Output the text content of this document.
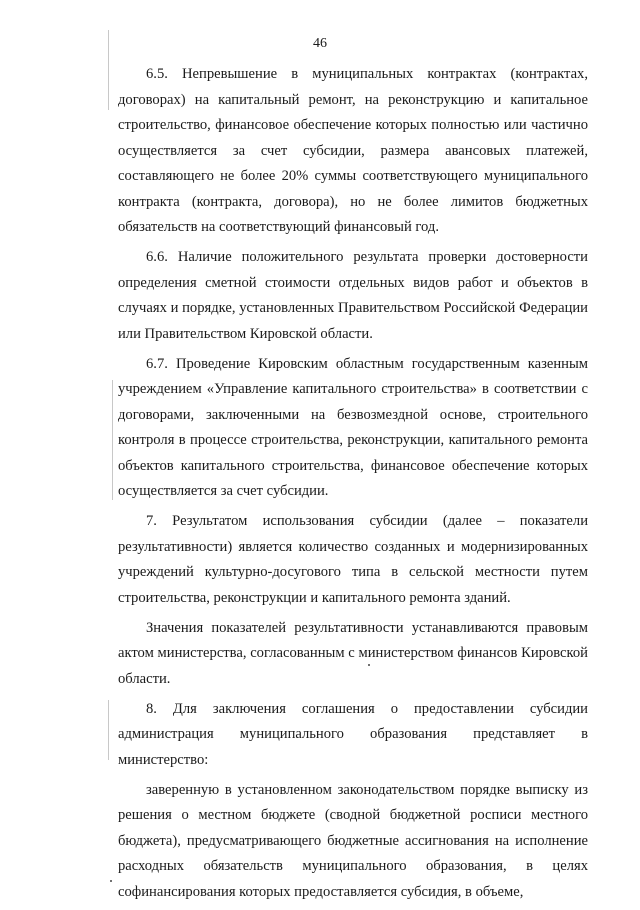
46

6.5. Непревышение в муниципальных контрактах (контрактах, договорах) на капитальный ремонт, на реконструкцию и капитальное строительство, финансовое обеспечение которых полностью или частично осуществляется за счет субсидии, размера авансовых платежей, составляющего не более 20% суммы соответствующего муниципального контракта (контракта, договора), но не более лимитов бюджетных обязательств на соответствующий финансовый год.

6.6. Наличие положительного результата проверки достоверности определения сметной стоимости отдельных видов работ и объектов в случаях и порядке, установленных Правительством Российской Федерации или Правительством Кировской области.

6.7. Проведение Кировским областным государственным казенным учреждением «Управление капитального строительства» в соответствии с договорами, заключенными на безвозмездной основе, строительного контроля в процессе строительства, реконструкции, капитального ремонта объектов капитального строительства, финансовое обеспечение которых осуществляется за счет субсидии.

7. Результатом использования субсидии (далее – показатели результативности) является количество созданных и модернизированных учреждений культурно-досугового типа в сельской местности путем строительства, реконструкции и капитального ремонта зданий.

Значения показателей результативности устанавливаются правовым актом министерства, согласованным с министерством финансов Кировской области.

8. Для заключения соглашения о предоставлении субсидии администрация муниципального образования представляет в министерство:

заверенную в установленном законодательством порядке выписку из решения о местном бюджете (сводной бюджетной росписи местного бюджета), предусматривающего бюджетные ассигнования на исполнение расходных обязательств муниципального образования, в целях софинансирования которых предоставляется субсидия, в объеме,
